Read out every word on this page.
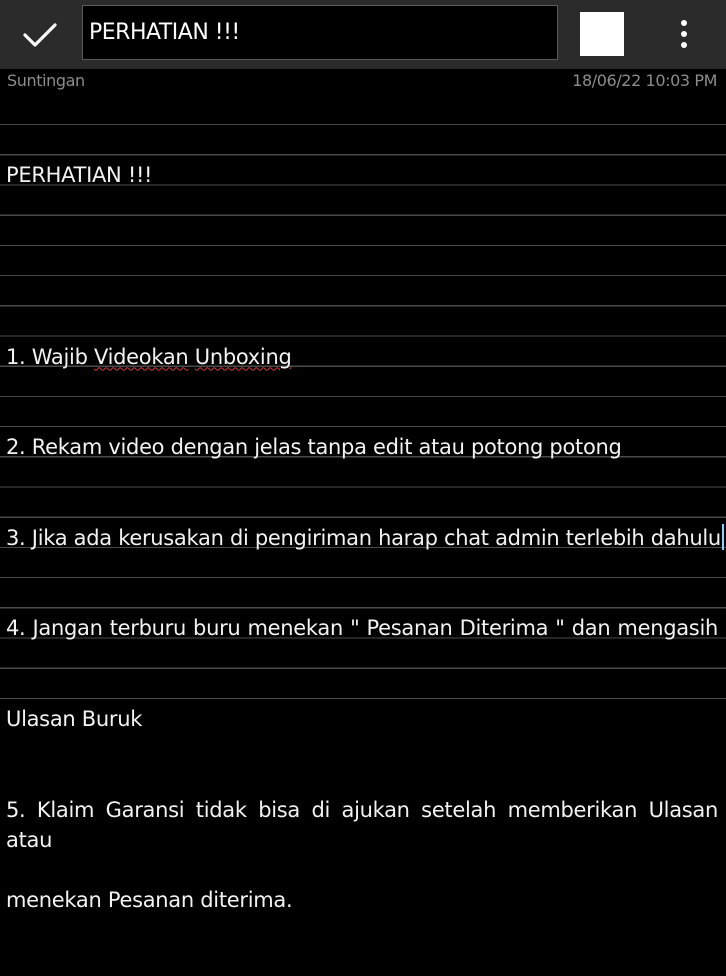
PERHATIAN !!!
Suntingan	18/06/22 10:03 PM

PERHATIAN !!!

1. Wajib Videokan Unboxing

2. Rekam video dengan jelas tanpa edit atau potong potong

3. Jika ada kerusakan di pengiriman harap chat admin terlebih dahulu

4. Jangan terburu buru menekan " Pesanan Diterima " dan mengasih

Ulasan Buruk

5. Klaim Garansi tidak bisa di ajukan setelah memberikan Ulasan atau

menekan Pesanan diterima.
